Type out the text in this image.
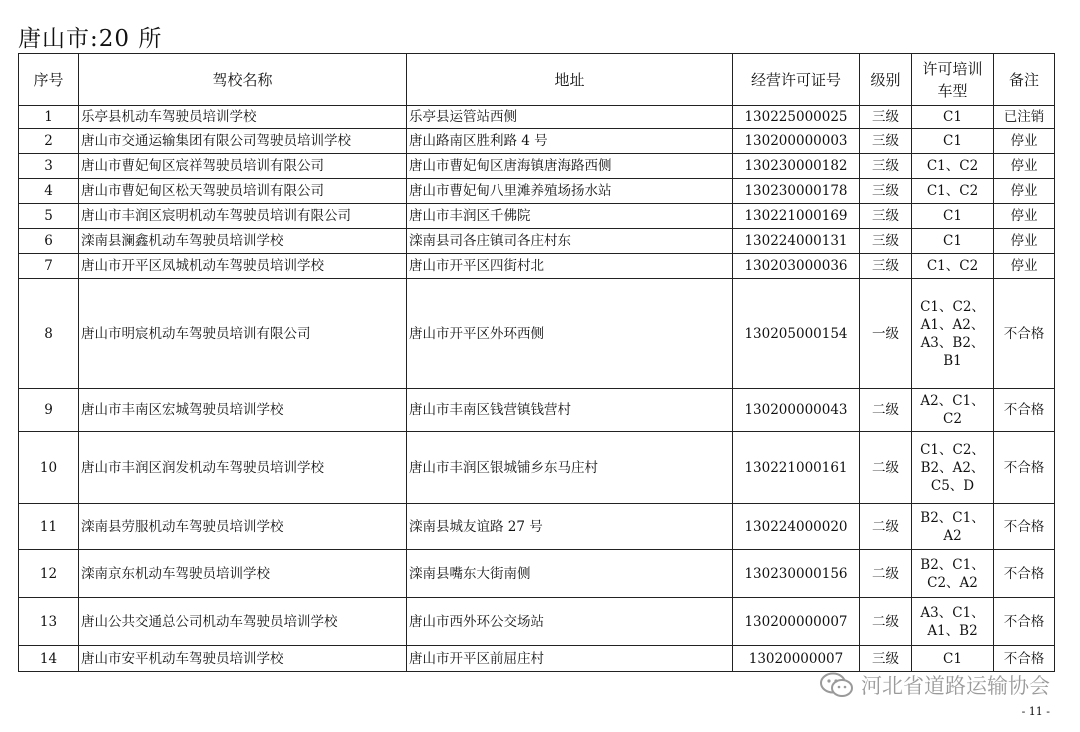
唐山市:20 所
序号	驾校名称	地址	经营许可证号	级别	许可培训车型	备注
1	乐亭县机动车驾驶员培训学校	乐亭县运管站西侧	130225000025	三级	C1	已注销
2	唐山市交通运输集团有限公司驾驶员培训学校	唐山路南区胜利路 4 号	130200000003	三级	C1	停业
3	唐山市曹妃甸区宸祥驾驶员培训有限公司	唐山市曹妃甸区唐海镇唐海路西侧	130230000182	三级	C1、C2	停业
4	唐山市曹妃甸区松天驾驶员培训有限公司	唐山市曹妃甸八里滩养殖场扬水站	130230000178	三级	C1、C2	停业
5	唐山市丰润区宸明机动车驾驶员培训有限公司	唐山市丰润区千佛院	130221000169	三级	C1	停业
6	滦南县澜鑫机动车驾驶员培训学校	滦南县司各庄镇司各庄村东	130224000131	三级	C1	停业
7	唐山市开平区凤城机动车驾驶员培训学校	唐山市开平区四街村北	130203000036	三级	C1、C2	停业
8	唐山市明宸机动车驾驶员培训有限公司	唐山市开平区外环西侧	130205000154	一级	C1、C2、A1、A2、A3、B2、B1	不合格
9	唐山市丰南区宏城驾驶员培训学校	唐山市丰南区钱营镇钱营村	130200000043	二级	A2、C1、C2	不合格
10	唐山市丰润区润发机动车驾驶员培训学校	唐山市丰润区银城铺乡东马庄村	130221000161	二级	C1、C2、B2、A2、C5、D	不合格
11	滦南县劳服机动车驾驶员培训学校	滦南县城友谊路 27 号	130224000020	二级	B2、C1、A2	不合格
12	滦南京东机动车驾驶员培训学校	滦南县嘴东大街南侧	130230000156	二级	B2、C1、C2、A2	不合格
13	唐山公共交通总公司机动车驾驶员培训学校	唐山市西外环公交场站	130200000007	二级	A3、C1、A1、B2	不合格
14	唐山市安平机动车驾驶员培训学校	唐山市开平区前屈庄村	13020000007	三级	C1	不合格
河北省道路运输协会
- 11 -
